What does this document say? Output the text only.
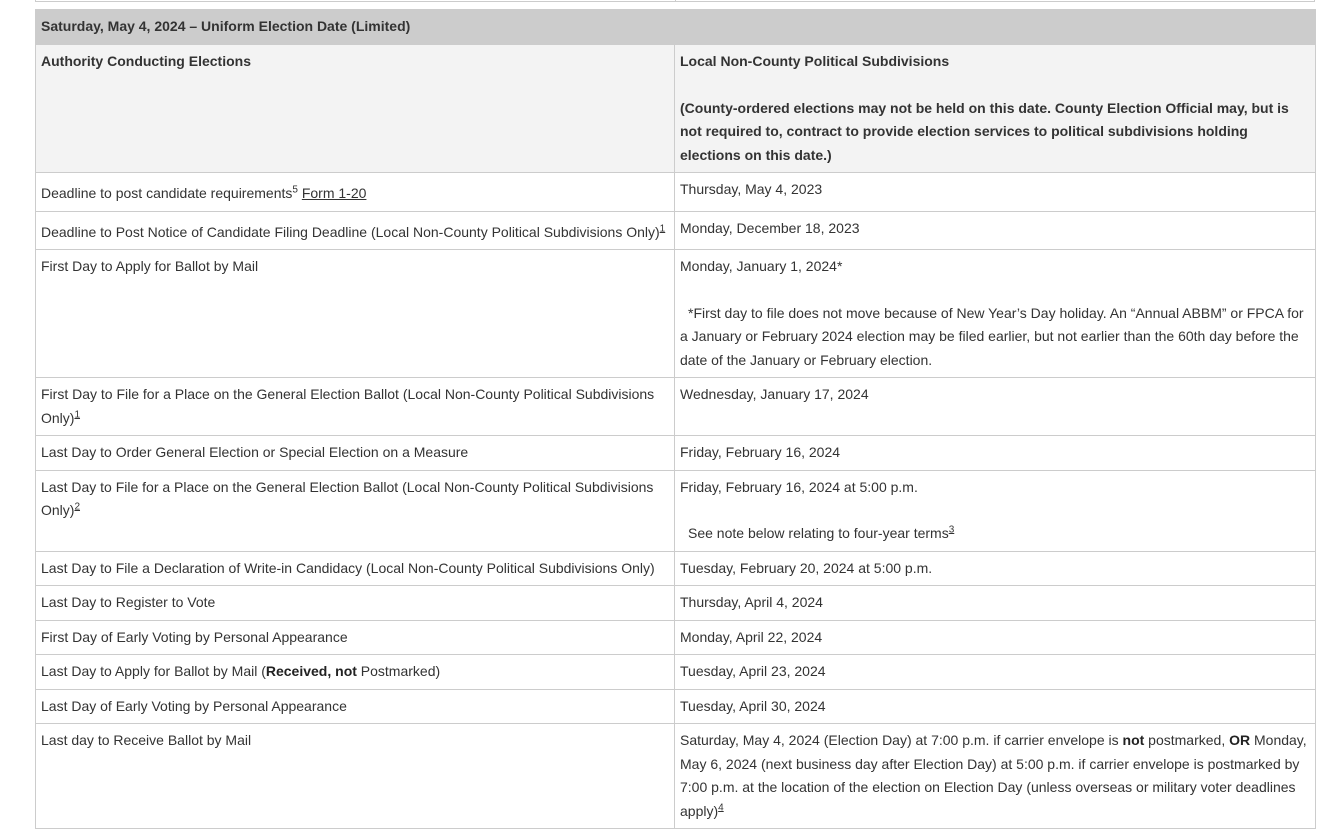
Saturday, May 4, 2024 – Uniform Election Date (Limited)	

Authority Conducting Elections	Local Non-County Political Subdivisions

(County-ordered elections may not be held on this date. County Election Official may, but is not required to, contract to provide election services to political subdivisions holding elections on this date.)

Deadline to post candidate requirements$^5$ Form 1-20	Thursday, May 4, 2023
Deadline to Post Notice of Candidate Filing Deadline (Local Non-County Political Subdivisions Only)$^1$	Monday, December 18, 2023
First Day to Apply for Ballot by Mail	Monday, January 1, 2024*
*First day to file does not move because of New Year’s Day holiday. An “Annual ABBM” or FPCA for a January or February 2024 election may be filed earlier, but not earlier than the 60th day before the date of the January or February election.

First Day to File for a Place on the General Election Ballot (Local Non-County Political Subdivisions Only)$^1$	Wednesday, January 17, 2024
Last Day to Order General Election or Special Election on a Measure	Friday, February 16, 2024
Last Day to File for a Place on the General Election Ballot (Local Non-County Political Subdivisions Only)$^2$	Friday, February 16, 2024 at 5:00 p.m.
See note below relating to four-year terms$^3$

Last Day to File a Declaration of Write-in Candidacy (Local Non-County Political Subdivisions Only)	Tuesday, February 20, 2024 at 5:00 p.m.
Last Day to Register to Vote	Thursday, April 4, 2024
First Day of Early Voting by Personal Appearance	Monday, April 22, 2024
Last Day to Apply for Ballot by Mail (Received, not Postmarked)	Tuesday, April 23, 2024
Last Day of Early Voting by Personal Appearance	Tuesday, April 30, 2024
Last day to Receive Ballot by Mail	Saturday, May 4, 2024 (Election Day) at 7:00 p.m. if carrier envelope is not postmarked, OR Monday, May 6, 2024 (next business day after Election Day) at 5:00 p.m. if carrier envelope is postmarked by 7:00 p.m. at the location of the election on Election Day (unless overseas or military voter deadlines apply)$^4$
